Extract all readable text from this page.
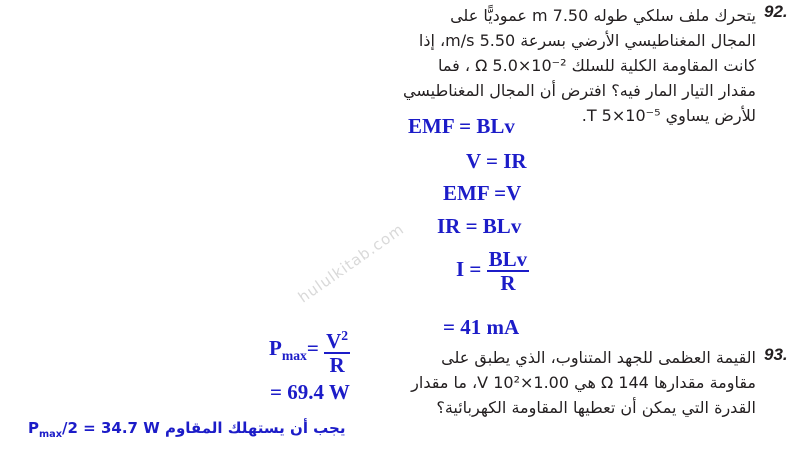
92.
يتحرك ملف سلكي طوله 7.50 m عموديًّا على
المجال المغناطيسي الأرضي بسرعة 5.50 m/s، إذا
كانت المقاومة الكلية للسلك Ω 5.0×10⁻² ، فما
مقدار التيار المار فيه؟ افترض أن المجال المغناطيسي
للأرض يساوي T 5×10⁻⁵.
EMF = BLv
V = IR
EMF =V
IR = BLv
$I = \frac{\text{BLv}}{R}$
= 41 mA
hululkitab.com
93.
القيمة العظمى للجهد المتناوب، الذي يطبق على
مقاومة مقدارها 144 Ω هي 1.00×10² V، ما مقدار
القدرة التي يمكن أن تعطيها المقاومة الكهربائية؟
$P_{max}= \frac{V^2}{R}$
= 69.4 W
$P_{max}/2 = 34.7$ W يجب أن يستهلك المقاوم
